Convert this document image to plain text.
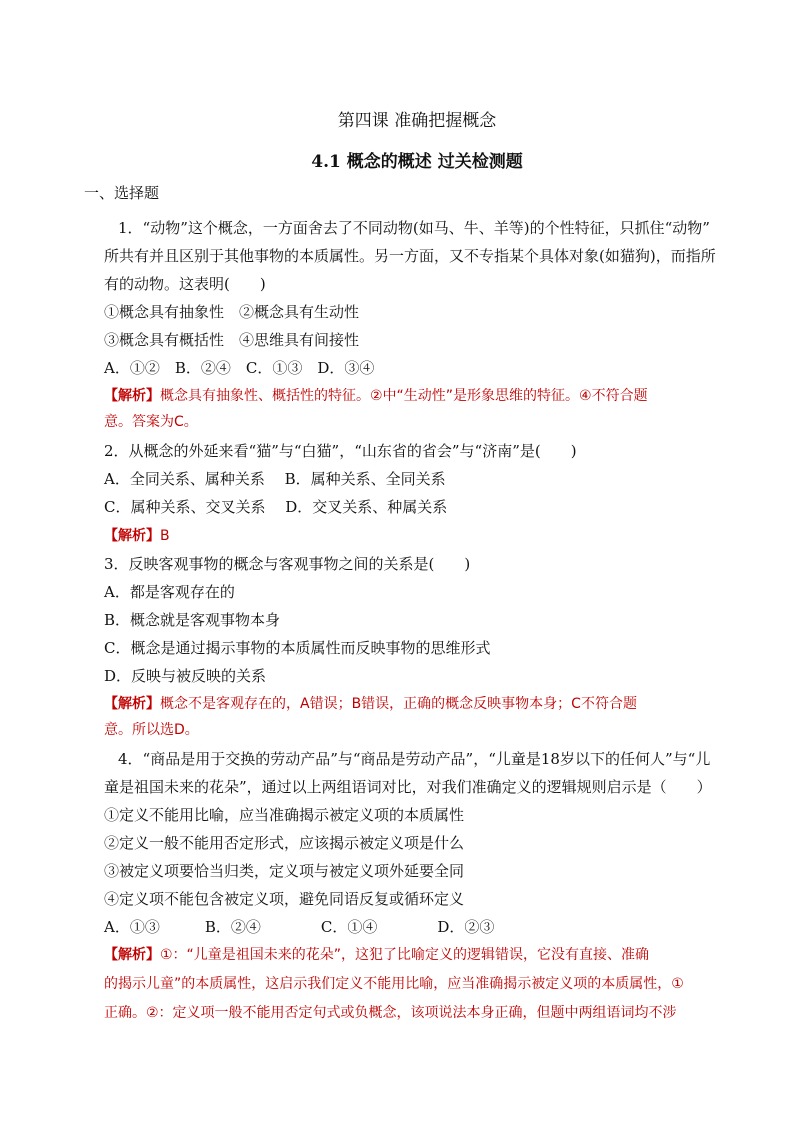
第四课 准确把握概念
4.1 概念的概述 过关检测题
一、选择题
1．“动物”这个概念，一方面舍去了不同动物(如马、牛、羊等)的个性特征，只抓住“动物”
所共有并且区别于其他事物的本质属性。另一方面，又不专指某个具体对象(如猫狗)，而指所
有的动物。这表明(　　)
①概念具有抽象性　②概念具有生动性
③概念具有概括性　④思维具有间接性
A．①②　B．②④　C．①③　D．③④
【解析】概念具有抽象性、概括性的特征。②中“生动性”是形象思维的特征。④不符合题
意。答案为C。
2．从概念的外延来看“猫”与“白猫”，“山东省的省会”与“济南”是(　　)
A．全同关系、属种关系　 B．属种关系、全同关系
C．属种关系、交叉关系　 D．交叉关系、种属关系
【解析】B
3．反映客观事物的概念与客观事物之间的关系是(　　)
A．都是客观存在的
B．概念就是客观事物本身
C．概念是通过揭示事物的本质属性而反映事物的思维形式
D．反映与被反映的关系
【解析】概念不是客观存在的，A错误；B错误，正确的概念反映事物本身；C不符合题
意。所以选D。
4．“商品是用于交换的劳动产品”与“商品是劳动产品”，“儿童是18岁以下的任何人”与“儿
童是祖国未来的花朵”，通过以上两组语词对比，对我们准确定义的逻辑规则启示是（　　）
①定义不能用比喻，应当准确揭示被定义项的本质属性
②定义一般不能用否定形式，应该揭示被定义项是什么
③被定义项要恰当归类，定义项与被定义项外延要全同
④定义项不能包含被定义项，避免同语反复或循环定义
A．①③　　　B．②④　　　　C．①④　　　　D．②③
【解析】①：“儿童是祖国未来的花朵”，这犯了比喻定义的逻辑错误，它没有直接、准确
的揭示儿童”的本质属性，这启示我们定义不能用比喻，应当准确揭示被定义项的本质属性，①
正确。②：定义项一般不能用否定句式或负概念，该项说法本身正确，但题中两组语词均不涉
